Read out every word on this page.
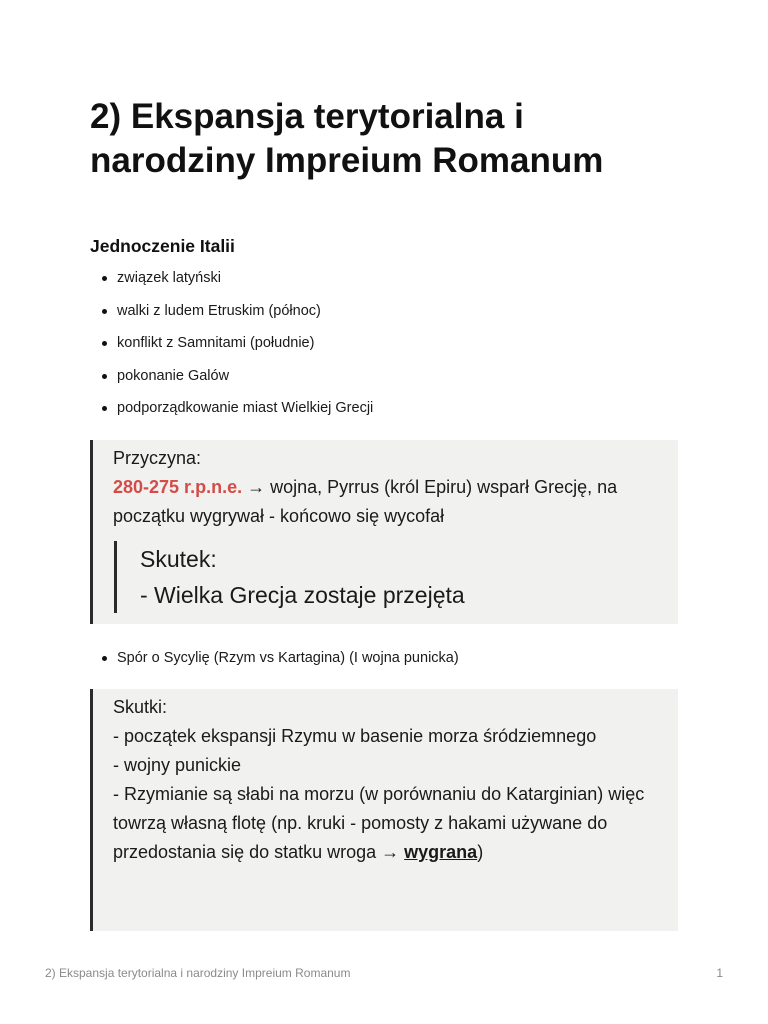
2) Ekspansja terytorialna i
narodziny Impreium Romanum
Jednoczenie Italii
związek latyński
walki z ludem Etruskim (północ)
konflikt z Samnitami (południe)
pokonanie Galów
podporządkowanie miast Wielkiej Grecji

Przyczyna:

280-275 r.p.n.e. → wojna, Pyrrus (król Epiru) wsparł Grecję, na

początku wygrywał - końcowo się wycofał

Skutek:

- Wielka Grecja zostaje przejęta

Spór o Sycylię (Rzym vs Kartagina) (I wojna punicka)

Skutki:

- początek ekspansji Rzymu w basenie morza śródziemnego

- wojny punickie

- Rzymianie są słabi na morzu (w porównaniu do Katarginian) więc

towrzą własną flotę (np. kruki - pomosty z hakami używane do

przedostania się do statku wroga → wygrana)

2) Ekspansja terytorialna i narodziny Impreium Romanum	1
